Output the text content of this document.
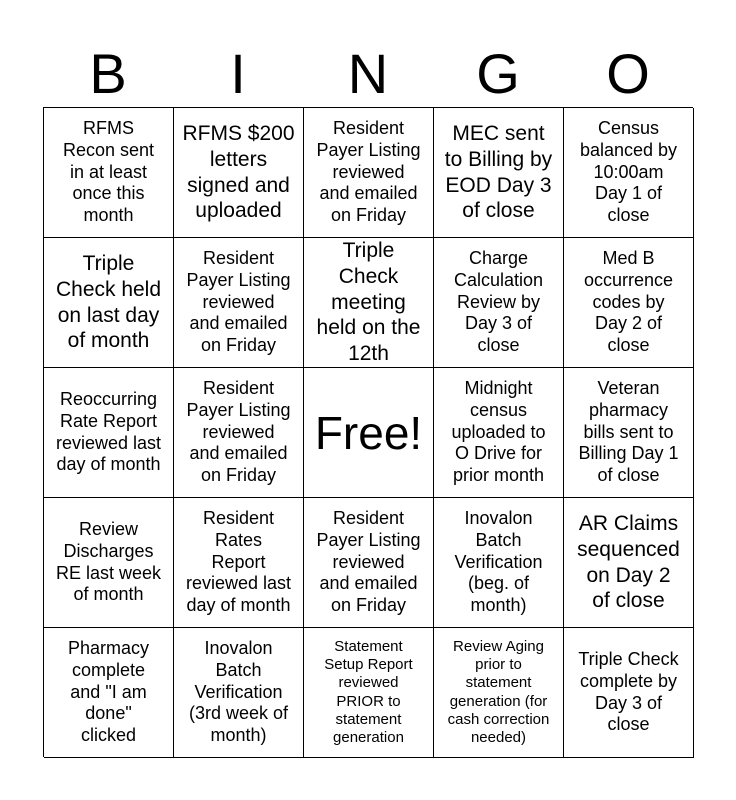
B	I	N	G	O
RFMS
Recon sent
in at least
once this
month
RFMS $200
letters
signed and
uploaded
Resident
Payer Listing
reviewed
and emailed
on Friday
MEC sent
to Billing by
EOD Day 3
of close
Census
balanced by
10:00am
Day 1 of
close
Triple
Check held
on last day
of month
Resident
Payer Listing
reviewed
and emailed
on Friday
Triple Check
meeting
held on the
12th
Charge
Calculation
Review by
Day 3 of
close
Med B
occurrence
codes by
Day 2 of
close
Reoccurring
Rate Report
reviewed last
day of month
Resident
Payer Listing
reviewed
and emailed
on Friday
Free!
Midnight
census
uploaded to
O Drive for
prior month
Veteran
pharmacy
bills sent to
Billing Day 1
of close
Review
Discharges
RE last week
of month
Resident
Rates
Report
reviewed last
day of month
Resident
Payer Listing
reviewed
and emailed
on Friday
Inovalon
Batch
Verification
(beg. of
month)
AR Claims
sequenced
on Day 2
of close
Pharmacy
complete
and "I am
done"
clicked
Inovalon
Batch
Verification
(3rd week of
month)
Statement
Setup Report
reviewed
PRIOR to
statement
generation
Review Aging
prior to
statement
generation (for
cash correction
needed)
Triple Check
complete by
Day 3 of
close
